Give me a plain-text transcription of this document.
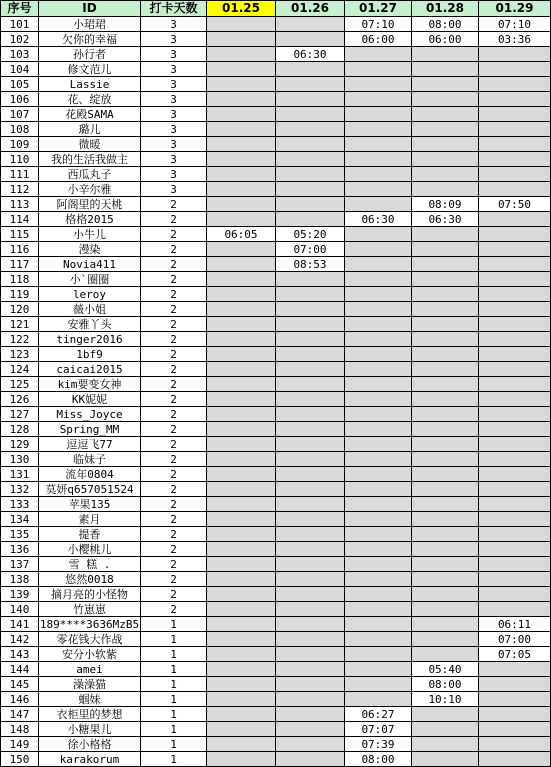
序号	ID	打卡天数	01.25	01.26	01.27	01.28	01.29
101	小珺珺	3			07:10	08:00	07:10
102	欠你的幸福	3			06:00	06:00	03:36
103	孙行者	3		06:30			
104	修文范儿	3					
105	Lassie	3					
106	花、绽放	3					
107	花殿SAMA	3					
108	璐儿	3					
109	微暖	3					
110	我的生活我做主	3					
111	西瓜丸子	3					
112	小辛尔雅	3					
113	阿阁里的天桃	2				08:09	07:50
114	格格2015	2			06:30	06:30	
115	小牛儿	2	06:05	05:20			
116	漫染	2		07:00			
117	Novia411	2		08:53			
118	小`圈圈	2					
119	leroy	2					
120	薇小姐	2					
121	安雅丫头	2					
122	tinger2016	2					
123	1bf9	2					
124	caicai2015	2					
125	kim要变女神	2					
126	KK妮妮	2					
127	Miss_Joyce	2					
128	Spring_MM	2					
129	逗逗飞77	2					
130	临妹子	2					
131	流年0804	2					
132	莫妍q657051524	2					
133	苹果135	2					
134	素月	2					
135	提香	2					
136	小樱桃儿	2					
137	雪 糕 .	2					
138	悠然0018	2					
139	摘月亮的小怪物	2					
140	竹崽崽	2					
141	189****3636MzB5	1					06:11
142	零花钱大作战	1					07:00
143	安分小软紫	1					07:05
144	amei	1				05:40	
145	澡澡猫	1				08:00	
146	蝈妹	1				10:10	
147	衣柜里的梦想	1			06:27		
148	小糖果儿	1			07:07		
149	徐小格格	1			07:39		
150	karakorum	1			08:00		
